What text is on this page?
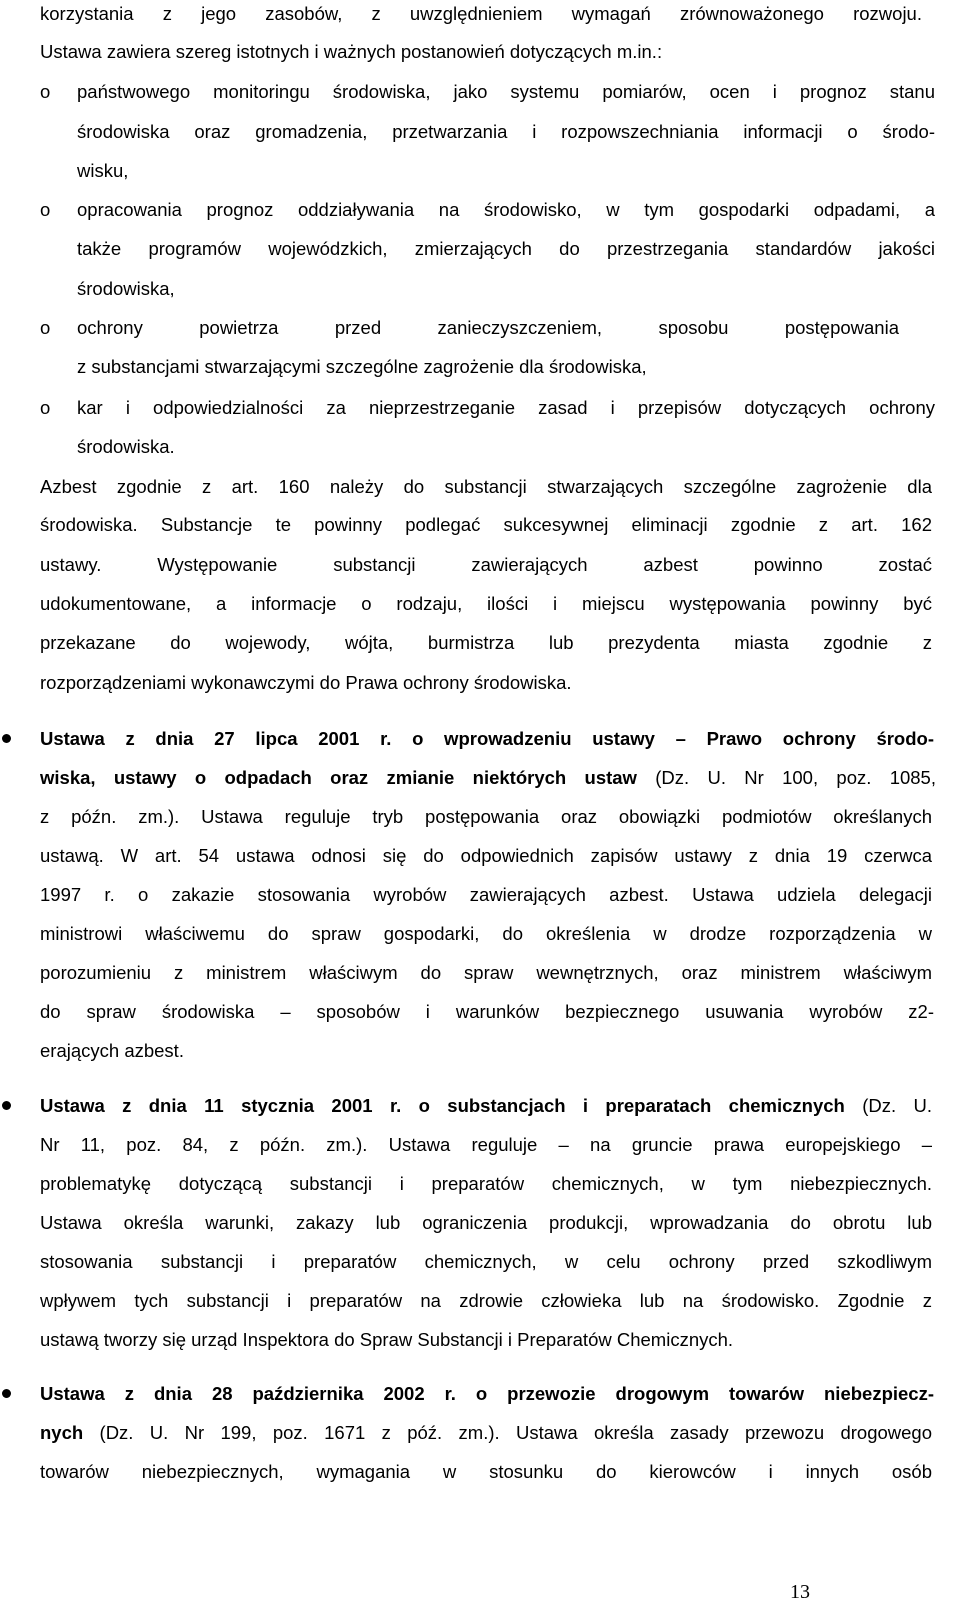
korzystania z jego zasobów, z uwzględnieniem wymagań zrównoważonego rozwoju.
Ustawa zawiera szereg istotnych i ważnych postanowień dotyczących m.in.:
o państwowego monitoringu środowiska, jako systemu pomiarów, ocen i prognoz stanu
środowiska oraz gromadzenia, przetwarzania i rozpowszechniania informacji o środo-
wisku,
o opracowania prognoz oddziaływania na środowisko, w tym gospodarki odpadami, a
także programów wojewódzkich, zmierzających do przestrzegania standardów jakości
środowiska,
o ochrony powietrza przed zanieczyszczeniem, sposobu postępowania
z substancjami stwarzającymi szczególne zagrożenie dla środowiska,
o kar i odpowiedzialności za nieprzestrzeganie zasad i przepisów dotyczących ochrony
środowiska.
Azbest zgodnie z art. 160 należy do substancji stwarzających szczególne zagrożenie dla
środowiska. Substancje te powinny podlegać sukcesywnej eliminacji zgodnie z art. 162
ustawy. Występowanie substancji zawierających azbest powinno zostać
udokumentowane, a informacje o rodzaju, ilości i miejscu występowania powinny być
przekazane do wojewody, wójta, burmistrza lub prezydenta miasta zgodnie z
rozporządzeniami wykonawczymi do Prawa ochrony środowiska.
Ustawa z dnia 27 lipca 2001 r. o wprowadzeniu ustawy – Prawo ochrony środo-
wiska, ustawy o odpadach oraz zmianie niektórych ustaw (Dz. U. Nr 100, poz. 1085,
z późn. zm.). Ustawa reguluje tryb postępowania oraz obowiązki podmiotów określanych
ustawą. W art. 54 ustawa odnosi się do odpowiednich zapisów ustawy z dnia 19 czerwca
1997 r. o zakazie stosowania wyrobów zawierających azbest. Ustawa udziela delegacji
ministrowi właściwemu do spraw gospodarki, do określenia w drodze rozporządzenia w
porozumieniu z ministrem właściwym do spraw wewnętrznych, oraz ministrem właściwym
do spraw środowiska – sposobów i warunków bezpiecznego usuwania wyrobów z2-
erających azbest.
Ustawa z dnia 11 stycznia 2001 r. o substancjach i preparatach chemicznych (Dz. U.
Nr 11, poz. 84, z późn. zm.). Ustawa reguluje – na gruncie prawa europejskiego –
problematykę dotyczącą substancji i preparatów chemicznych, w tym niebezpiecznych.
Ustawa określa warunki, zakazy lub ograniczenia produkcji, wprowadzania do obrotu lub
stosowania substancji i preparatów chemicznych, w celu ochrony przed szkodliwym
wpływem tych substancji i preparatów na zdrowie człowieka lub na środowisko. Zgodnie z
ustawą tworzy się urząd Inspektora do Spraw Substancji i Preparatów Chemicznych.
Ustawa z dnia 28 października 2002 r. o przewozie drogowym towarów niebezpiecz-
nych (Dz. U. Nr 199, poz. 1671 z póź. zm.). Ustawa określa zasady przewozu drogowego
towarów niebezpiecznych, wymagania w stosunku do kierowców i innych osób
13
